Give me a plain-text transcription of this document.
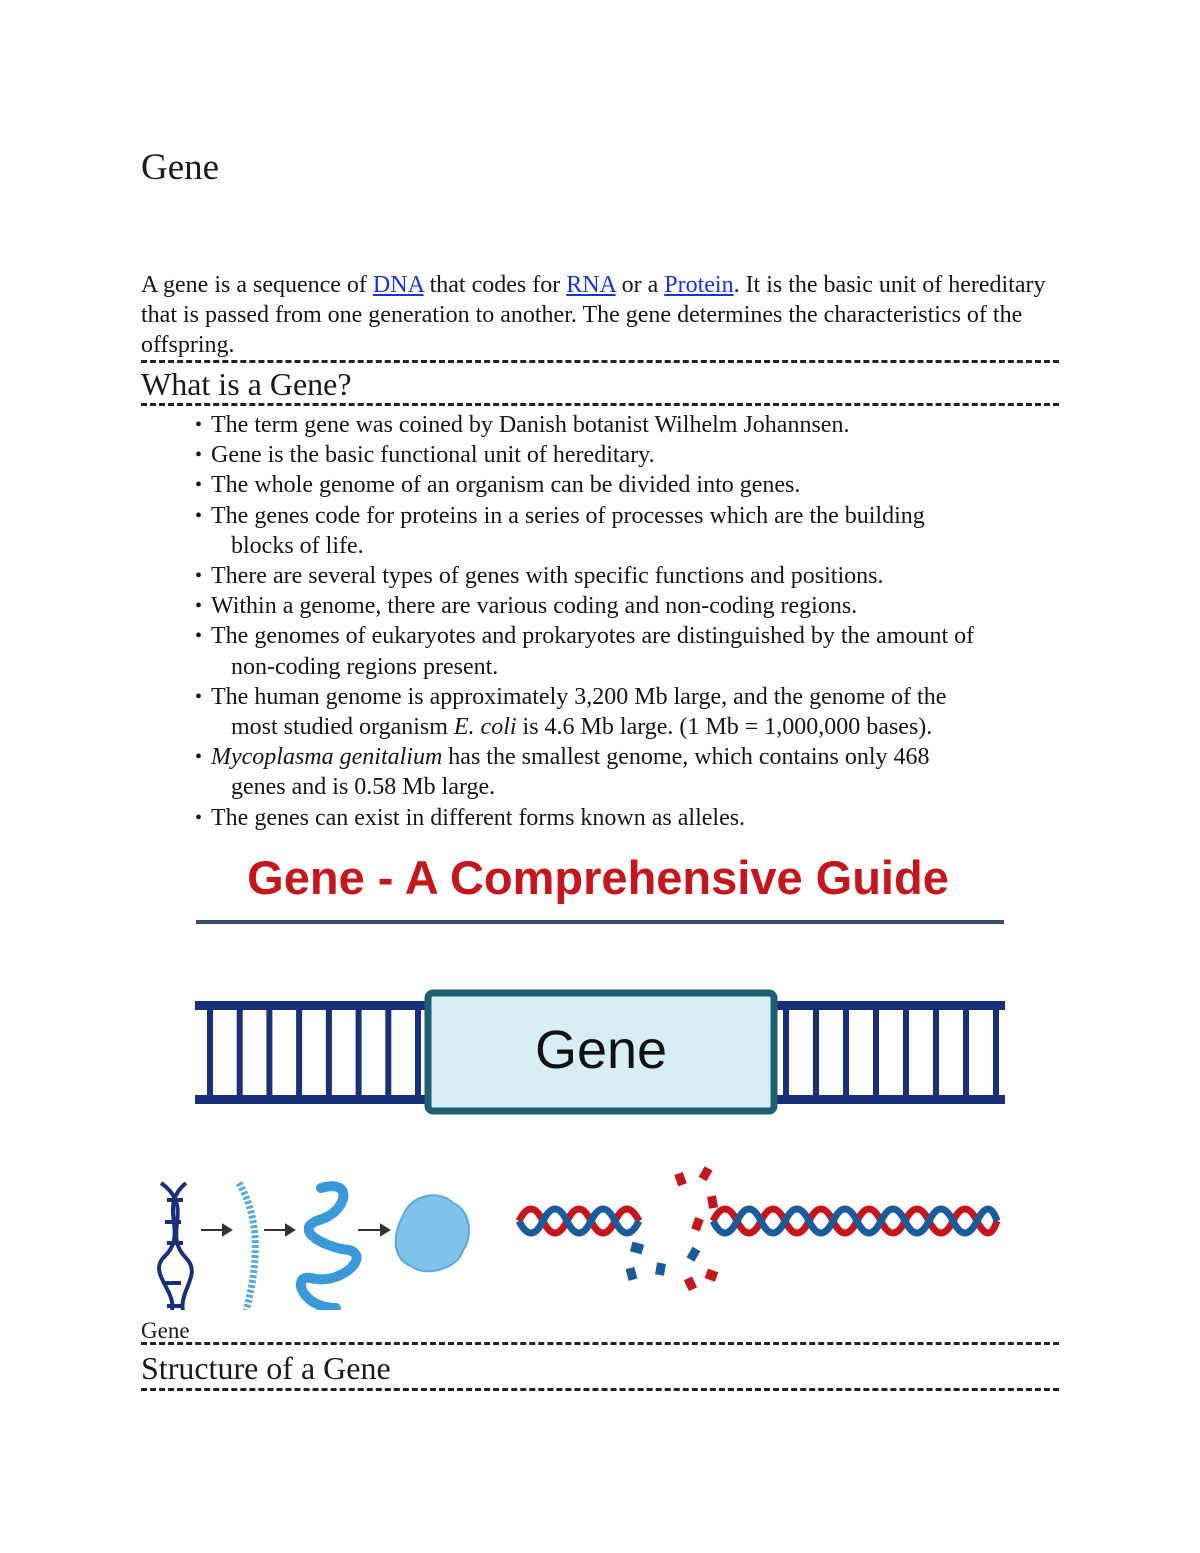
Gene
A gene is a sequence of DNA that codes for RNA or a Protein. It is the basic unit of hereditary that is passed from one generation to another. The gene determines the characteristics of the offspring.
What is a Gene?
• The term gene was coined by Danish botanist Wilhelm Johannsen.
• Gene is the basic functional unit of hereditary.
• The whole genome of an organism can be divided into genes.
• The genes code for proteins in a series of processes which are the building
blocks of life.
• There are several types of genes with specific functions and positions.
• Within a genome, there are various coding and non-coding regions.
• The genomes of eukaryotes and prokaryotes are distinguished by the amount of
non-coding regions present.
• The human genome is approximately 3,200 Mb large, and the genome of the
most studied organism E. coli is 4.6 Mb large. (1 Mb = 1,000,000 bases).
• Mycoplasma genitalium has the smallest genome, which contains only 468
genes and is 0.58 Mb large.
• The genes can exist in different forms known as alleles.
Gene - A Comprehensive Guide
Gene
Gene
Structure of a Gene
